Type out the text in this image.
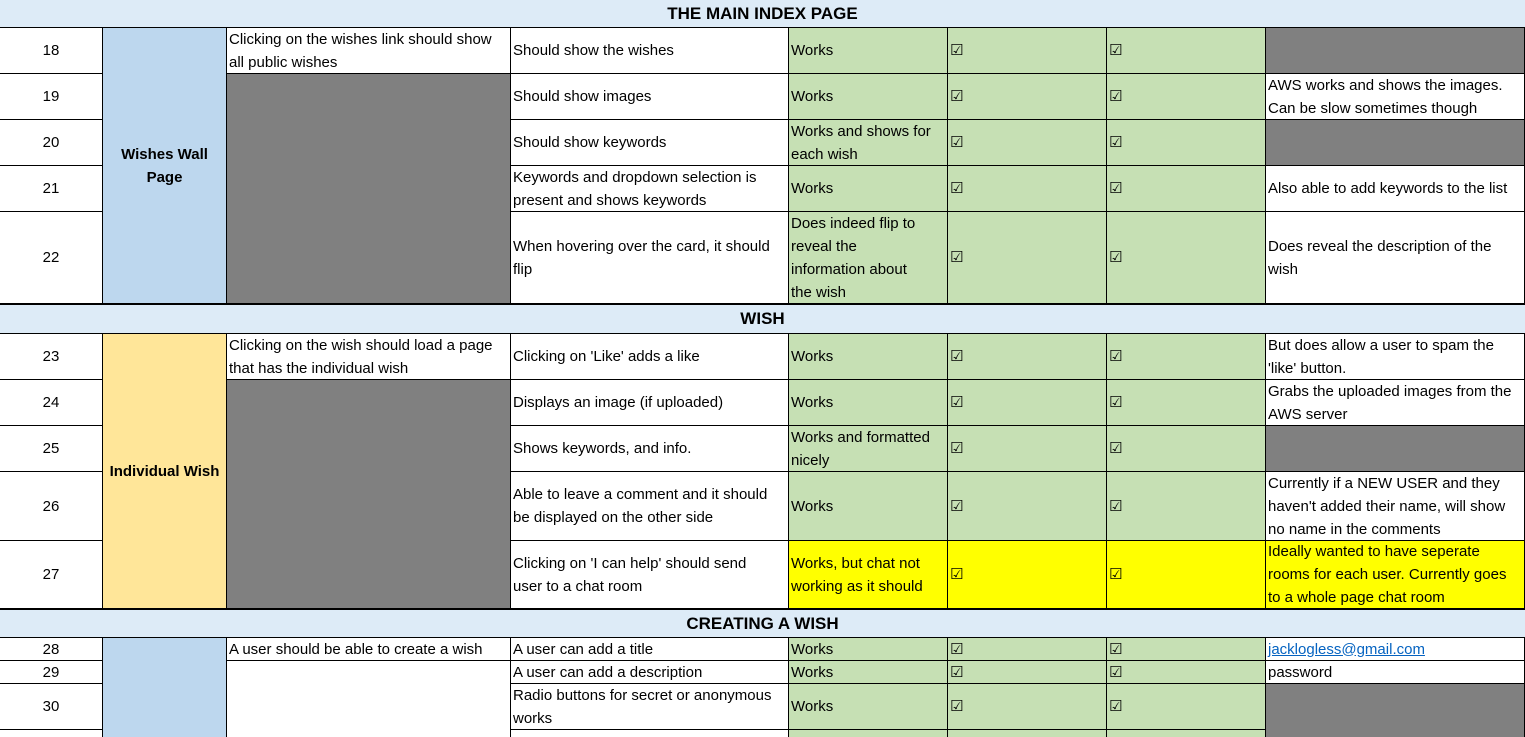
THE MAIN INDEX PAGE
18
19
20
21
22
Wishes Wall
Page
Clicking on the wishes link should show
all public wishes
Should show the wishes
Should show images
Should show keywords
Keywords and dropdown selection is
present and shows keywords
When hovering over the card, it should
flip
Works
Works
Works and shows for
each wish
Works
Does indeed flip to
reveal the
information about
the wish
☑
☑
☑
☑
☑
☑
☑
☑
☑
☑
AWS works and shows the images.
Can be slow sometimes though
Also able to add keywords to the list
Does reveal the description of the
wish
WISH
23
24
25
26
27
Individual Wish
Clicking on the wish should load a page
that has the individual wish
Clicking on 'Like' adds a like
Displays an image (if uploaded)
Shows keywords, and info.
Able to leave a comment and it should
be displayed on the other side
Clicking on 'I can help' should send
user to a chat room
Works
Works
Works and formatted
nicely
Works
Works, but chat not
working as it should
☑
☑
☑
☑
☑
☑
☑
☑
☑
☑
But does allow a user to spam the
'like' button.
Grabs the uploaded images from the
AWS server
Currently if a NEW USER and they
haven't added their name, will show
no name in the comments
Ideally wanted to have seperate
rooms for each user. Currently goes
to a whole page chat room
CREATING A WISH
28
29
30
A user should be able to create a wish A user can add a title
A user can add a description
Radio buttons for secret or anonymous
works
Works
Works
Works
☑
☑
☑
☑
☑
☑
jacklogless@gmail.com
password
